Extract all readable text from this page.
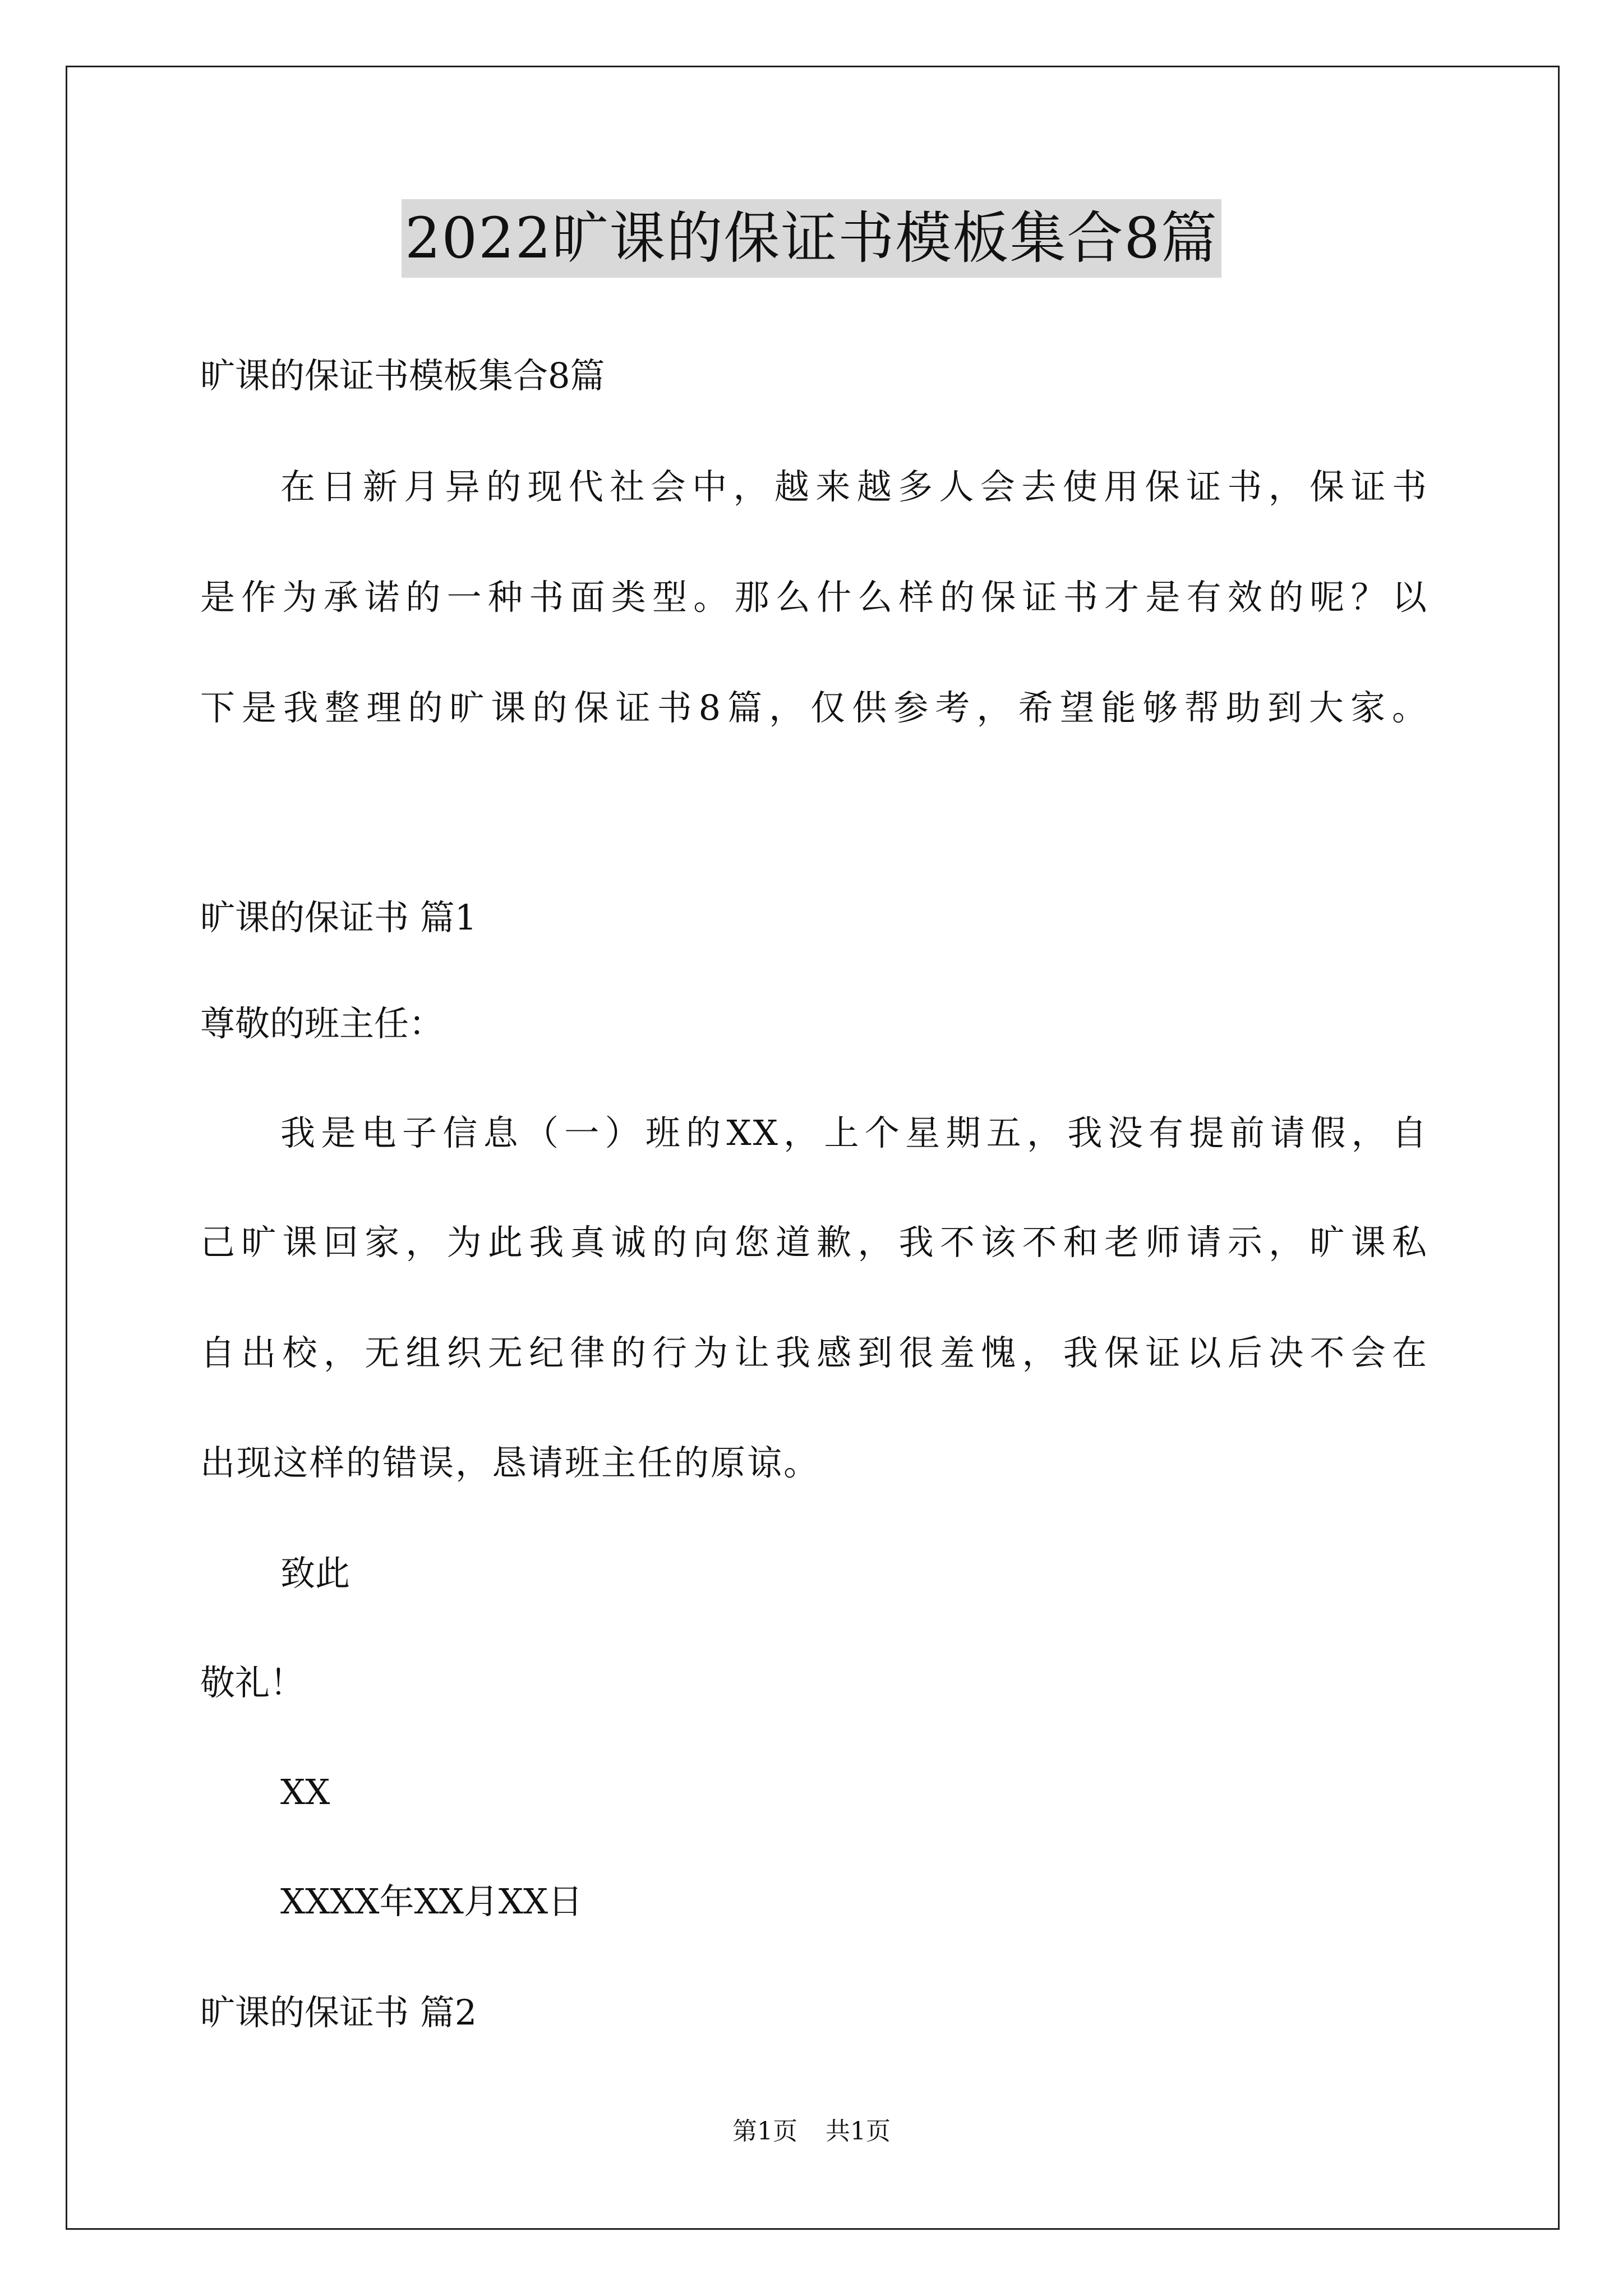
2022旷课的保证书模板集合8篇
旷课的保证书模板集合8篇
在日新月异的现代社会中，越来越多人会去使用保证书，保证书
是作为承诺的一种书面类型。那么什么样的保证书才是有效的呢？以
下是我整理的旷课的保证书8篇，仅供参考，希望能够帮助到大家。
旷课的保证书 篇1
尊敬的班主任：
我是电子信息（一）班的XX，上个星期五，我没有提前请假，自
己旷课回家，为此我真诚的向您道歉，我不该不和老师请示，旷课私
自出校，无组织无纪律的行为让我感到很羞愧，我保证以后决不会在
出现这样的错误，恳请班主任的原谅。
致此
敬礼！
XX
XXXX年XX月XX日
旷课的保证书 篇2
第1页 共1页
